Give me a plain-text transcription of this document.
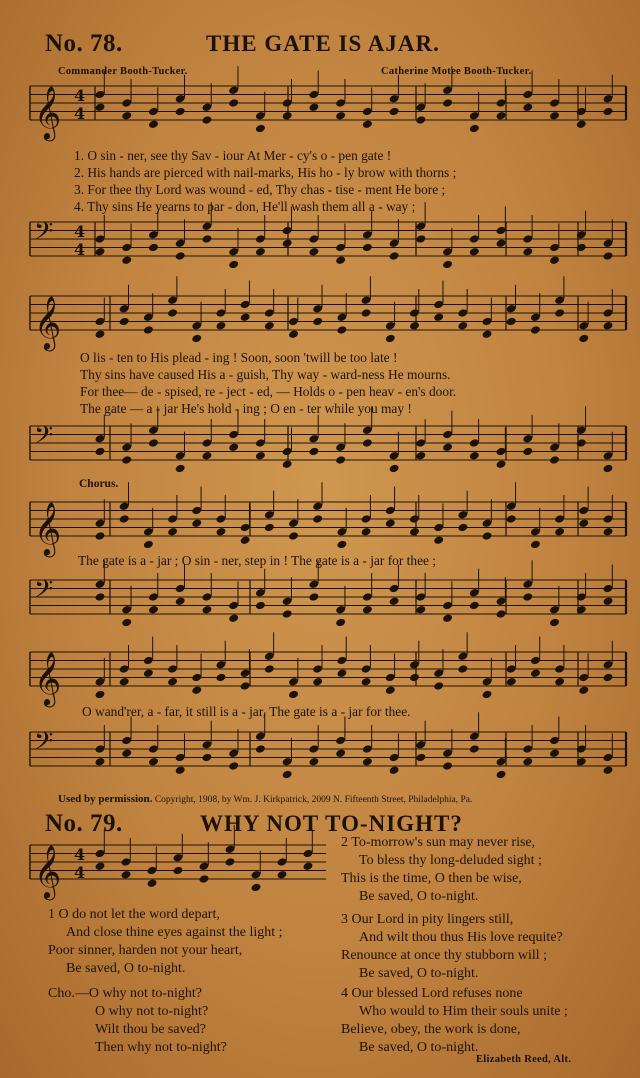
No. 78.	THE GATE IS AJAR.
Commander Booth-Tucker.	Catherine Motee Booth-Tucker.
𝄞 4
4
𝄢 4
4
𝄞
𝄢
𝄞
𝄢
𝄞
𝄢
𝄞 4
4
1. O sin - ner, see thy Sav - iour At Mer - cy's o - pen gate !
2. His hands are pierced with nail-marks, His ho - ly brow with thorns ;
3. For thee thy Lord was wound - ed, Thy chas - tise - ment He bore ;
4. Thy sins He yearns to par - don, He'll wash them all a - way ;
O lis - ten to His plead - ing ! Soon, soon 'twill be too late !
Thy sins have caused His a - guish, Thy way - ward-ness He mourns.
For thee— de - spised, re - ject - ed, — Holds o - pen heav - en's door.
The gate — a - jar He's hold - ing ; O en - ter while you may !
Chorus.
The gate is a - jar ; O sin - ner, step in ! The gate is a - jar for thee ;
O wand'rer, a - far, it still is a - jar, The gate is a - jar for thee.
Used by permission. Copyright, 1908, by Wm. J. Kirkpatrick, 2009 N. Fifteenth Street, Philadelphia, Pa.
No. 79.	WHY NOT TO-NIGHT?
1 O do not let the word depart,
And close thine eyes against the light ;
Poor sinner, harden not your heart,
Be saved, O to-night.
Cho.—O why not to-night?
O why not to-night?
Wilt thou be saved?
Then why not to-night?
2 To-morrow's sun may never rise,
To bless thy long-deluded sight ;
This is the time, O then be wise,
Be saved, O to-night.
3 Our Lord in pity lingers still,
And wilt thou thus His love requite?
Renounce at once thy stubborn will ;
Be saved, O to-night.
4 Our blessed Lord refuses none
Who would to Him their souls unite ;
Believe, obey, the work is done,
Be saved, O to-night.
Elizabeth Reed, Alt.
